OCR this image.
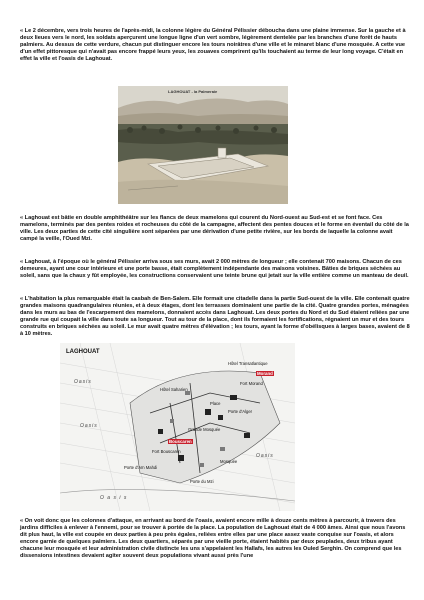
« Le 2 décembre, vers trois heures de l'après-midi, la colonne légère du Général Pélissier déboucha dans une plaine immense. Sur la gauche et à deux lieues vers le nord, les soldats aperçurent une longue ligne d'un vert sombre, légèrement dentelée par les branches d'une forêt de hauts palmiers. Au dessus de cette verdure, chacun put distinguer encore les tours noirâtres d'une ville et le minaret blanc d'une mosquée. A cette vue d'un effet pittoresque qui n'avait pas encore frappé leurs yeux, les zouaves comprirent qu'ils touchaient au terme de leur long voyage. C'était en effet la ville et l'oasis de Laghouat.

LAGHOUAT - la Palmeraie

« Laghouat est bâtie en double amphithéâtre sur les flancs de deux mamelons qui courent du Nord-ouest au Sud-est et se font face. Ces mamelons, terminés par des pentes roides et rocheuses du côté de la campagne, affectent des pentes douces et le forme en éventail du côté de la ville. Les deux parties de cette cité singulière sont séparées par une dérivation d'une petite rivière, sur les bords de laquelle la colonne avait campé la veille, l'Oued Mzi.

« Laghouat, à l'époque où le général Pélissier arriva sous ses murs, avait 2 000 mètres de longueur ; elle contenait 700 maisons. Chacun de ces demeures, ayant une cour intérieure et une porte basse, était complètement indépendante des maisons voisines. Bâties de briques séchées au soleil, sans que la chaux y fût employée, les constructions conservaient une teinte brune qui jetait sur la ville entière comme un manteau de deuil.

« L'habitation la plus remarquable était la casbah de Ben-Salem. Elle formait une citadelle dans la partie Sud-ouest de la ville. Elle contenait quatre grandes maisons quadrangulaires réunies, et à deux étages, dont les terrasses dominaient une partie de la cité. Quatre grandes portes, ménagées dans les murs au bas de l'escarpement des mamelons, donnaient accès dans Laghouat. Les deux portes du Nord et du Sud étaient reliées par une grande rue qui coupait la ville dans toute sa longueur. Tout au tour de la place, dont ils formaient les fortifications, régnaient un mur et des tours construits en briques séchées au soleil. Le mur avait quatre mètres d'élévation ; les tours, ayant la forme d'obélisques à larges bases, avaient de 8 à 10 mètres.

LAGHOUAT
Oasis
Oasis
Oasis
O a s i s
Hôtel Saharien
Hôtel Transatlantique
Morand
Fort Morand
Place
Porte d'Alger
Grande Mosquée
Bouscaren
Fort Bouscaren
Porte d'Aïn Mahdi
Mosquée
Porte du Mzi

« On voit donc que les colonnes d'attaque, en arrivant au bord de l'oasis, avaient encore mille à douze cents mètres à parcourir, à travers des jardins difficiles à enlever à l'ennemi, pour se trouver à portée de la place. La population de Laghouat était de 4 000 âmes. Ainsi que nous l'avons dit plus haut, la ville est coupée en deux parties à peu près égales, reliées entre elles par une place assez vaste conquise sur l'oasis, et alors encore garnie de quelques palmiers. Les deux quartiers, séparés par une vieille porte, étaient habités par deux peuplades, deux tribus ayant chacune leur mosquée et leur administration civile distincte les uns s'appelaient les Hallafs, les autres les Ouled Serghin. On comprend que les dissensions intestines devaient agiter souvent deux populations vivant aussi près l'une
